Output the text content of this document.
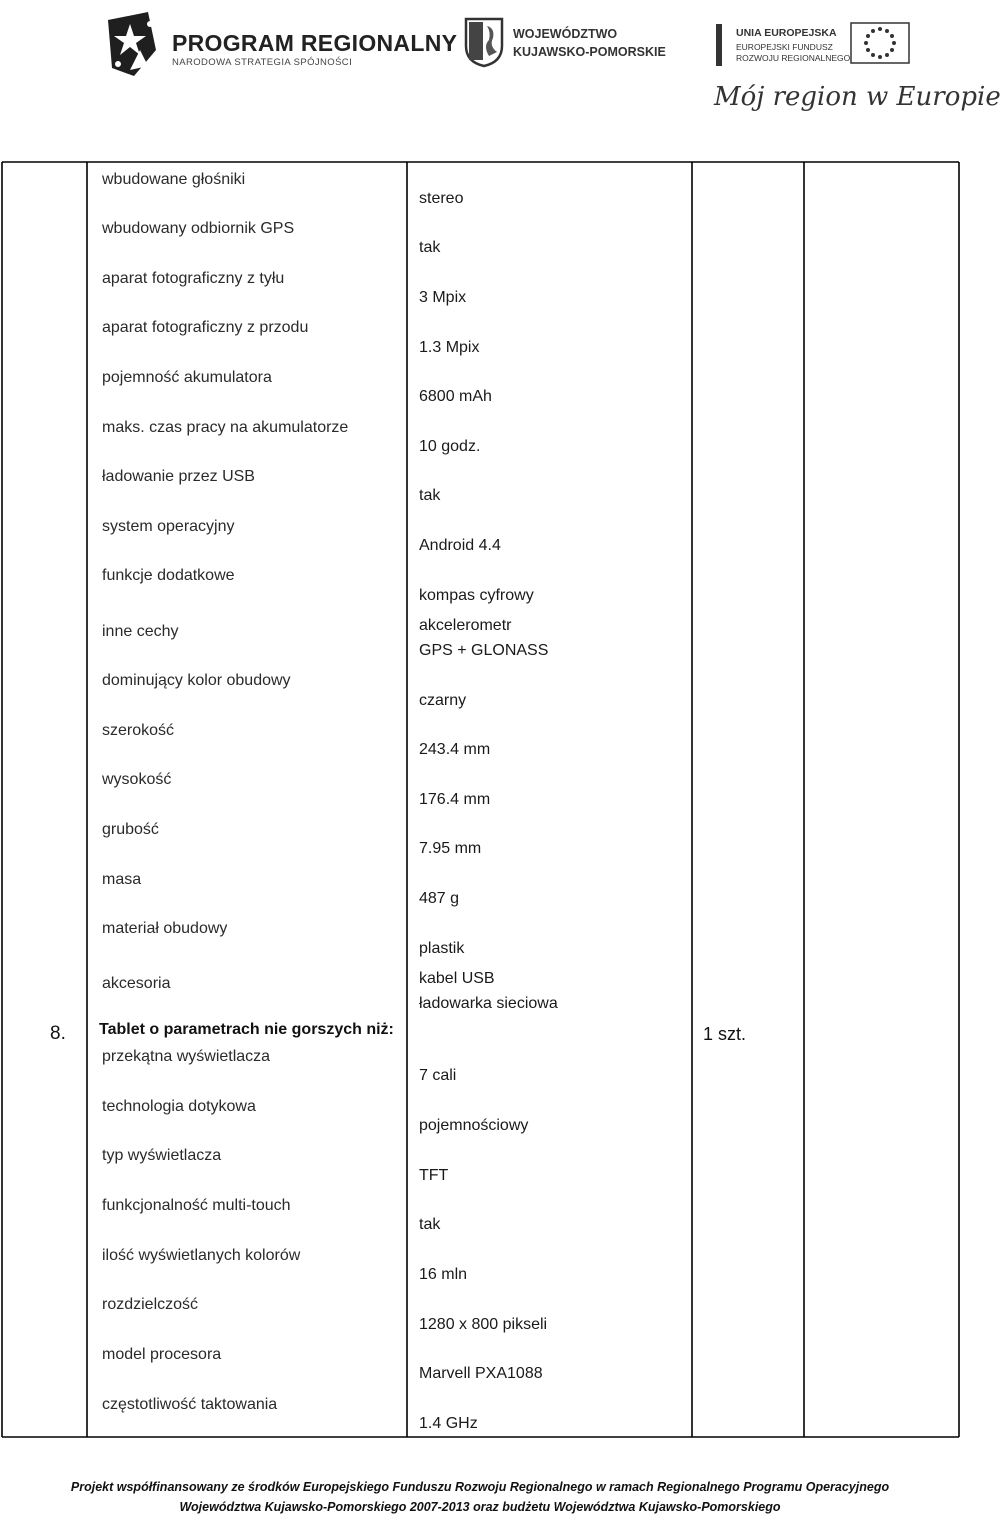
PROGRAM REGIONALNY
NARODOWA STRATEGIA SPÓJNOŚCI
WOJEWÓDZTWO
KUJAWSKO-POMORSKIE
UNIA EUROPEJSKA
EUROPEJSKI FUNDUSZ
ROZWOJU REGIONALNEGO
Mój region w Europie
wbudowane głośniki
wbudowany odbiornik GPS
aparat fotograficzny z tyłu
aparat fotograficzny z przodu
pojemność akumulatora
maks. czas pracy na akumulatorze
ładowanie przez USB
system operacyjny
funkcje dodatkowe
inne cechy
dominujący kolor obudowy
szerokość
wysokość
grubość
masa
materiał obudowy
akcesoria
stereo
tak
3 Mpix
1.3 Mpix
6800 mAh
10 godz.
tak
Android 4.4
kompas cyfrowy
akcelerometr
GPS + GLONASS
czarny
243.4 mm
176.4 mm
7.95 mm
487 g
plastik
kabel USB
ładowarka sieciowa
8. Tablet o parametrach nie gorszych niż:	1 szt.
przekątna wyświetlacza
technologia dotykowa
typ wyświetlacza
funkcjonalność multi-touch
ilość wyświetlanych kolorów
rozdzielczość
model procesora
częstotliwość taktowania
7 cali
pojemnościowy
TFT
tak
16 mln
1280 x 800 pikseli
Marvell PXA1088
1.4 GHz
Projekt współfinansowany ze środków Europejskiego Funduszu Rozwoju Regionalnego w ramach Regionalnego Programu Operacyjnego
Województwa Kujawsko-Pomorskiego 2007-2013 oraz budżetu Województwa Kujawsko-Pomorskiego
